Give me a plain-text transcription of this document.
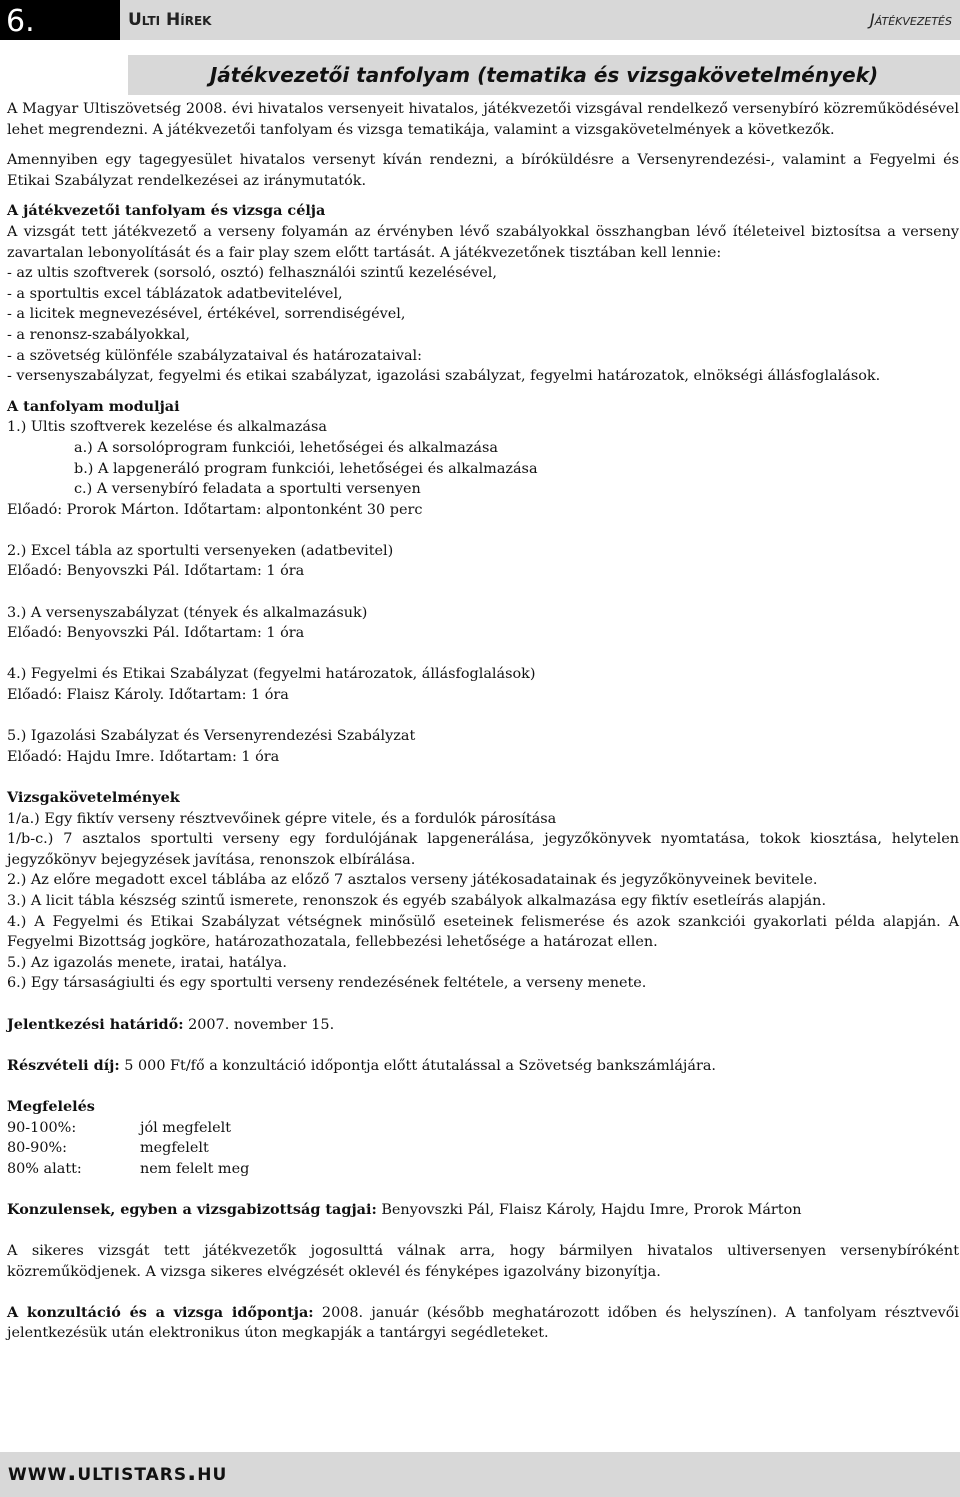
6.	Ulti Hírek	Játékvezetés
Játékvezetői tanfolyam (tematika és vizsgakövetelmények)

A Magyar Ultiszövetség 2008. évi hivatalos versenyeit hivatalos, játékvezetői vizsgával rendelkező versenybíró közreműködésével lehet megrendezni. A játékvezetői tanfolyam és vizsga tematikája, valamint a vizsgakövetelmények a következők.

Amennyiben egy tagegyesület hivatalos versenyt kíván rendezni, a bíróküldésre a Versenyrendezési-, valamint a Fegyelmi és Etikai Szabályzat rendelkezései az iránymutatók.

A játékvezetői tanfolyam és vizsga célja

A vizsgát tett játékvezető a verseny folyamán az érvényben lévő szabályokkal összhangban lévő ítéleteivel biztosítsa a verseny zavartalan lebonyolítását és a fair play szem előtt tartását. A játékvezetőnek tisztában kell lennie:

- az ultis szoftverek (sorsoló, osztó) felhasználói szintű kezelésével,

- a sportultis excel táblázatok adatbevitelével,

- a licitek megnevezésével, értékével, sorrendiségével,

- a renonsz-szabályokkal,

- a szövetség különféle szabályzataival és határozataival:

- versenyszabályzat, fegyelmi és etikai szabályzat, igazolási szabályzat, fegyelmi határozatok, elnökségi állásfoglalások.

A tanfolyam moduljai

1.) Ultis szoftverek kezelése és alkalmazása

a.) A sorsolóprogram funkciói, lehetőségei és alkalmazása

b.) A lapgeneráló program funkciói, lehetőségei és alkalmazása

c.) A versenybíró feladata a sportulti versenyen

Előadó: Prorok Márton. Időtartam: alpontonként 30 perc

2.) Excel tábla az sportulti versenyeken (adatbevitel)

Előadó: Benyovszki Pál. Időtartam: 1 óra

3.) A versenyszabályzat (tények és alkalmazásuk)

Előadó: Benyovszki Pál. Időtartam: 1 óra

4.) Fegyelmi és Etikai Szabályzat (fegyelmi határozatok, állásfoglalások)

Előadó: Flaisz Károly. Időtartam: 1 óra

5.) Igazolási Szabályzat és Versenyrendezési Szabályzat

Előadó: Hajdu Imre. Időtartam: 1 óra

Vizsgakövetelmények

1/a.) Egy fiktív verseny résztvevőinek gépre vitele, és a fordulók párosítása

1/b-c.) 7 asztalos sportulti verseny egy fordulójának lapgenerálása, jegyzőkönyvek nyomtatása, tokok kiosztása, helytelen jegyzőkönyv bejegyzések javítása, renonszok elbírálása.

2.) Az előre megadott excel táblába az előző 7 asztalos verseny játékosadatainak és jegyzőkönyveinek bevitele.

3.) A licit tábla készség szintű ismerete, renonszok és egyéb szabályok alkalmazása egy fiktív esetleírás alapján.

4.) A Fegyelmi és Etikai Szabályzat vétségnek minősülő eseteinek felismerése és azok szankciói gyakorlati példa alapján. A Fegyelmi Bizottság jogköre, határozathozatala, fellebbezési lehetősége a határozat ellen.

5.) Az igazolás menete, iratai, hatálya.

6.) Egy társaságiulti és egy sportulti verseny rendezésének feltétele, a verseny menete.

Jelentkezési határidő: 2007. november 15.

Részvételi díj: 5 000 Ft/fő a konzultáció időpontja előtt átutalással a Szövetség bankszámlájára.

Megfelelés

90-100%:	jól megfelelt
80-90%:	megfelelt
80% alatt:	nem felelt meg

Konzulensek, egyben a vizsgabizottság tagjai: Benyovszki Pál, Flaisz Károly, Hajdu Imre, Prorok Márton

A sikeres vizsgát tett játékvezetők jogosulttá válnak arra, hogy bármilyen hivatalos ultiversenyen versenybíróként közreműködjenek. A vizsga sikeres elvégzését oklevél és fényképes igazolvány bizonyítja.

A konzultáció és a vizsga időpontja: 2008. január (később meghatározott időben és helyszínen). A tanfolyam résztvevői jelentkezésük után elektronikus úton megkapják a tantárgyi segédleteket.

www.ultistars.hu
